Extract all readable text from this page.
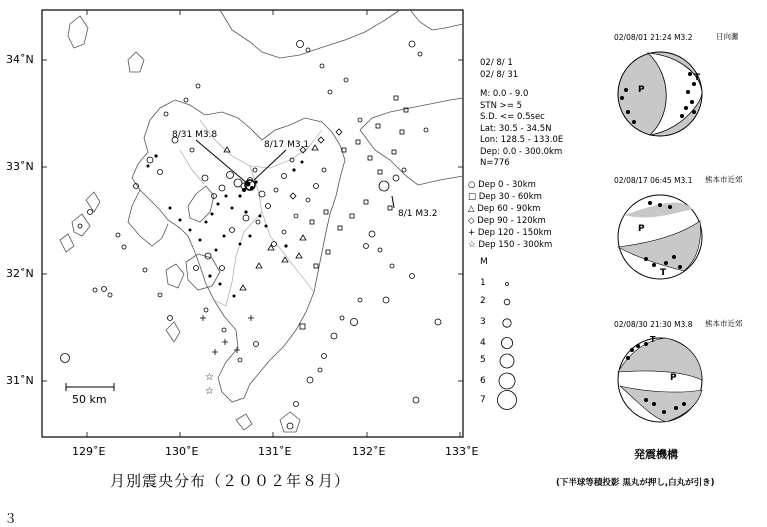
☆
☆
34˚N
33˚N
32˚N
31˚N
129˚E	130˚E	131˚E	132˚E	133˚E
8/31 M3.8
8/17 M3.1
8/1 M3.2
50 km
月別震央分布（２００２年８月）
02/ 8/ 1
02/ 8/ 31
M: 0.0 - 9.0
STN >= 5
S.D. <= 0.5sec
Lat: 30.5 - 34.5N
Lon: 128.5 - 133.0E
Dep: 0.0 - 300.0km
N=776
○ Dep 0 - 30km
□ Dep 30 - 60km
△ Dep 60 - 90km
◇ Dep 90 - 120km
+ Dep 120 - 150km
☆ Dep 150 - 300km
M
1
2
3
4
5
6
7
02/08/01 21:24 M3.2	日向灘
P
T
02/08/17 06:45 M3.1 熊本市近郊
P
T
02/08/30 21:30 M3.8 熊本市近郊
P
T
発震機構
(下半球等積投影 黒丸が押し,白丸が引き)
３
